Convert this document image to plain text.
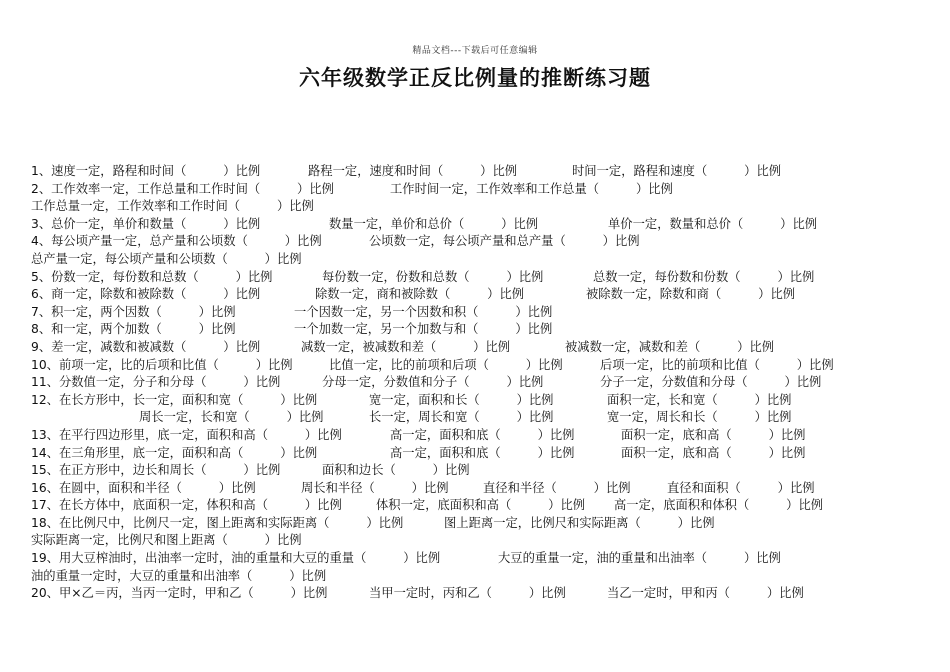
精品文档---下载后可任意编辑
六年级数学正反比例量的推断练习题
1、速度一定，路程和时间（　　　）比例	路程一定，速度和时间（　　　）比例	时间一定，路程和速度（　　　）比例
2、工作效率一定，工作总量和工作时间（　　　）比例	工作时间一定，工作效率和工作总量（　　　）比例
工作总量一定，工作效率和工作时间（　　　）比例
3、总价一定，单价和数量（　　　）比例	数量一定，单价和总价（　　　）比例	单价一定，数量和总价（　　　）比例
4、每公顷产量一定，总产量和公顷数（　　　）比例	公顷数一定，每公顷产量和总产量（　　　）比例
总产量一定，每公顷产量和公顷数（　　　）比例
5、份数一定，每份数和总数（　　　）比例	每份数一定，份数和总数（　　　）比例	总数一定，每份数和份数（　　　）比例
6、商一定，除数和被除数（　　　）比例	除数一定，商和被除数（　　　）比例	被除数一定，除数和商（　　　）比例
7、积一定，两个因数（　　　）比例	一个因数一定，另一个因数和积（　　　）比例
8、和一定，两个加数（　　　）比例	一个加数一定，另一个加数与和（　　　）比例
9、差一定，减数和被减数（　　　）比例	减数一定，被减数和差（　　　）比例	被减数一定，减数和差（　　　）比例
10、前项一定，比的后项和比值（　　　）比例	比值一定，比的前项和后项（　　　）比例	后项一定，比的前项和比值（　　　）比例
11、分数值一定，分子和分母（　　　）比例	分母一定，分数值和分子（　　　）比例	分子一定，分数值和分母（　　　）比例
12、在长方形中，长一定，面积和宽（　　　）比例	宽一定，面积和长（　　　）比例	面积一定，长和宽（　　　）比例
周长一定，长和宽（　　　）比例	长一定，周长和宽（　　　）比例	宽一定，周长和长（　　　）比例
13、在平行四边形里，底一定，面积和高（　　　）比例	高一定，面积和底（　　　）比例	面积一定，底和高（　　　）比例
14、在三角形里，底一定，面积和高（　　　）比例	高一定，面积和底（　　　）比例	面积一定，底和高（　　　）比例
15、在正方形中，边长和周长（　　　）比例	面积和边长（　　　）比例
16、在圆中，面积和半径（　　　）比例	周长和半径（　　　）比例	直径和半径（　　　）比例	直径和面积（　　　）比例
17、在长方体中，底面积一定，体积和高（　　　）比例	体积一定，底面积和高（　　　）比例 高一定，底面积和体积（　　　）比例
18、在比例尺中，比例尺一定，图上距离和实际距离（　　　）比例	图上距离一定，比例尺和实际距离（　　　）比例
实际距离一定，比例尺和图上距离（　　　）比例
19、用大豆榨油时，出油率一定时，油的重量和大豆的重量（　　　）比例	大豆的重量一定，油的重量和出油率（　　　）比例
油的重量一定时，大豆的重量和出油率（　　　）比例
20、甲×乙＝丙，当丙一定时，甲和乙（　　　）比例	当甲一定时，丙和乙（　　　）比例	当乙一定时，甲和丙（　　　）比例
